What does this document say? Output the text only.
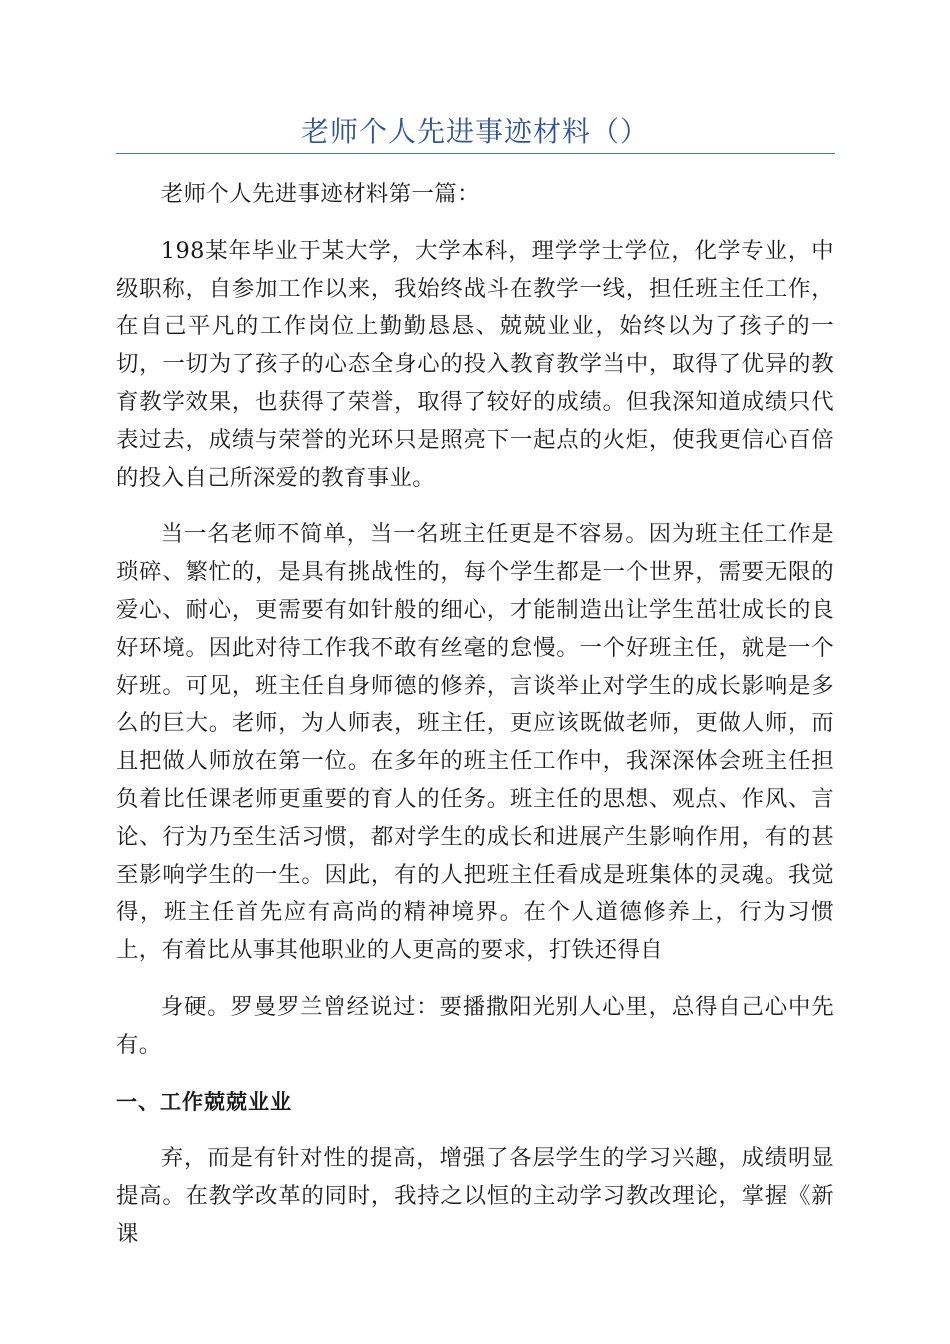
老师个人先进事迹材料（）

老师个人先进事迹材料第一篇：

198某年毕业于某大学，大学本科，理学学士学位，化学专业，中级职称，自参加工作以来，我始终战斗在教学一线，担任班主任工作，在自己平凡的工作岗位上勤勤恳恳、兢兢业业，始终以为了孩子的一切，一切为了孩子的心态全身心的投入教育教学当中，取得了优异的教育教学效果，也获得了荣誉，取得了较好的成绩。但我深知道成绩只代表过去，成绩与荣誉的光环只是照亮下一起点的火炬，使我更信心百倍的投入自己所深爱的教育事业。

当一名老师不简单，当一名班主任更是不容易。因为班主任工作是琐碎、繁忙的，是具有挑战性的，每个学生都是一个世界，需要无限的爱心、耐心，更需要有如针般的细心，才能制造出让学生茁壮成长的良好环境。因此对待工作我不敢有丝毫的怠慢。一个好班主任，就是一个好班。可见，班主任自身师德的修养，言谈举止对学生的成长影响是多么的巨大。老师，为人师表，班主任，更应该既做老师，更做人师，而且把做人师放在第一位。在多年的班主任工作中，我深深体会班主任担负着比任课老师更重要的育人的任务。班主任的思想、观点、作风、言论、行为乃至生活习惯，都对学生的成长和进展产生影响作用，有的甚至影响学生的一生。因此，有的人把班主任看成是班集体的灵魂。我觉得，班主任首先应有高尚的精神境界。在个人道德修养上，行为习惯上，有着比从事其他职业的人更高的要求，打铁还得自

身硬。罗曼罗兰曾经说过：要播撒阳光别人心里，总得自己心中先有。

一、工作兢兢业业

弃，而是有针对性的提高，增强了各层学生的学习兴趣，成绩明显提高。在教学改革的同时，我持之以恒的主动学习教改理论，掌握《新课
